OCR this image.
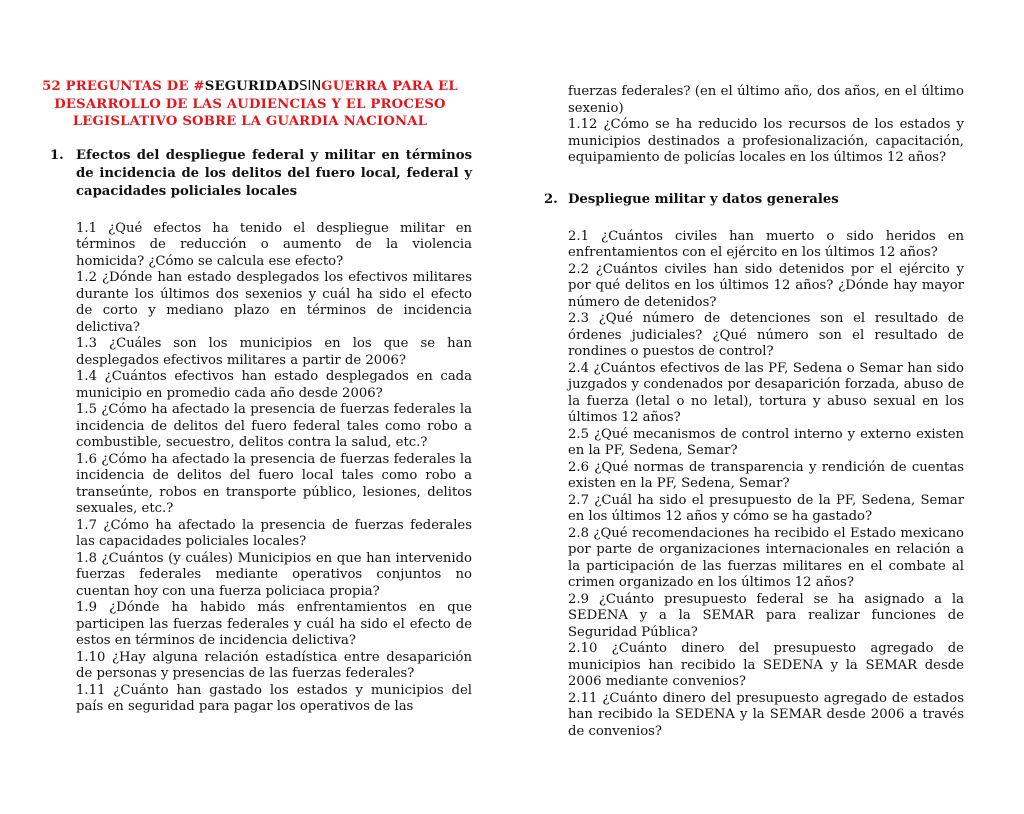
52 PREGUNTAS DE #SEGURIDADSINGUERRA PARA EL DESARROLLO DE LAS AUDIENCIAS Y EL PROCESO LEGISLATIVO SOBRE LA GUARDIA NACIONAL
1. Efectos del despliegue federal y militar en términos de incidencia de los delitos del fuero local, federal y capacidades policiales locales

1.1 ¿Qué efectos ha tenido el despliegue militar en términos de reducción o aumento de la violencia homicida? ¿Cómo se calcula ese efecto?

1.2 ¿Dónde han estado desplegados los efectivos militares durante los últimos dos sexenios y cuál ha sido el efecto de corto y mediano plazo en términos de incidencia delictiva?

1.3 ¿Cuáles son los municipios en los que se han desplegados efectivos militares a partir de 2006?

1.4 ¿Cuántos efectivos han estado desplegados en cada municipio en promedio cada año desde 2006?

1.5 ¿Cómo ha afectado la presencia de fuerzas federales la incidencia de delitos del fuero federal tales como robo a combustible, secuestro, delitos contra la salud, etc.?

1.6 ¿Cómo ha afectado la presencia de fuerzas federales la incidencia de delitos del fuero local tales como robo a transeúnte, robos en transporte público, lesiones, delitos sexuales, etc.?

1.7 ¿Cómo ha afectado la presencia de fuerzas federales las capacidades policiales locales?

1.8 ¿Cuántos (y cuáles) Municipios en que han intervenido fuerzas federales mediante operativos conjuntos no cuentan hoy con una fuerza policiaca propia?

1.9 ¿Dónde ha habido más enfrentamientos en que participen las fuerzas federales y cuál ha sido el efecto de estos en términos de incidencia delictiva?

1.10 ¿Hay alguna relación estadística entre desaparición de personas y presencias de las fuerzas federales?

1.11 ¿Cuánto han gastado los estados y municipios del país en seguridad para pagar los operativos de las

fuerzas federales? (en el último año, dos años, en el último sexenio)

1.12 ¿Cómo se ha reducido los recursos de los estados y municipios destinados a profesionalización, capacitación, equipamiento de policías locales en los últimos 12 años?

2. Despliegue militar y datos generales

2.1 ¿Cuántos civiles han muerto o sido heridos en enfrentamientos con el ejército en los últimos 12 años?

2.2 ¿Cuántos civiles han sido detenidos por el ejército y por qué delitos en los últimos 12 años? ¿Dónde hay mayor número de detenidos?

2.3 ¿Qué número de detenciones son el resultado de órdenes judiciales? ¿Qué número son el resultado de rondines o puestos de control?

2.4 ¿Cuántos efectivos de las PF, Sedena o Semar han sido juzgados y condenados por desaparición forzada, abuso de la fuerza (letal o no letal), tortura y abuso sexual en los últimos 12 años?

2.5 ¿Qué mecanismos de control interno y externo existen en la PF, Sedena, Semar?

2.6 ¿Qué normas de transparencia y rendición de cuentas existen en la PF, Sedena, Semar?

2.7 ¿Cuál ha sido el presupuesto de la PF, Sedena, Semar en los últimos 12 años y cómo se ha gastado?

2.8 ¿Qué recomendaciones ha recibido el Estado mexicano por parte de organizaciones internacionales en relación a la participación de las fuerzas militares en el combate al crimen organizado en los últimos 12 años?

2.9 ¿Cuánto presupuesto federal se ha asignado a la SEDENA y a la SEMAR para realizar funciones de Seguridad Pública?

2.10 ¿Cuánto dinero del presupuesto agregado de municipios han recibido la SEDENA y la SEMAR desde 2006 mediante convenios?

2.11 ¿Cuánto dinero del presupuesto agregado de estados han recibido la SEDENA y la SEMAR desde 2006 a través de convenios?
